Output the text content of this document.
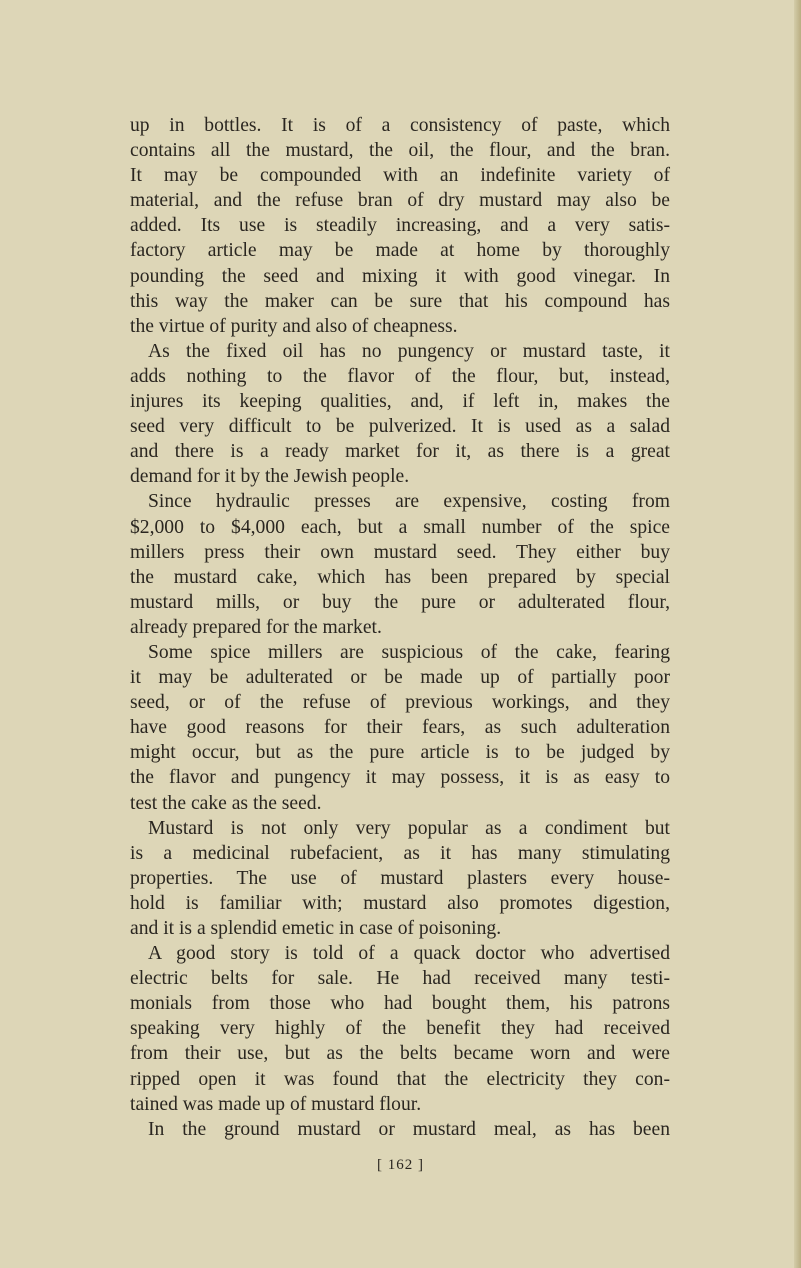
up in bottles. It is of a consistency of paste, which
contains all the mustard, the oil, the flour, and the bran.
It may be compounded with an indefinite variety of
material, and the refuse bran of dry mustard may also be
added. Its use is steadily increasing, and a very satis-
factory article may be made at home by thoroughly
pounding the seed and mixing it with good vinegar. In
this way the maker can be sure that his compound has
the virtue of purity and also of cheapness.
As the fixed oil has no pungency or mustard taste, it
adds nothing to the flavor of the flour, but, instead,
injures its keeping qualities, and, if left in, makes the
seed very difficult to be pulverized. It is used as a salad
and there is a ready market for it, as there is a great
demand for it by the Jewish people.
Since hydraulic presses are expensive, costing from
$2,000 to $4,000 each, but a small number of the spice
millers press their own mustard seed. They either buy
the mustard cake, which has been prepared by special
mustard mills, or buy the pure or adulterated flour,
already prepared for the market.
Some spice millers are suspicious of the cake, fearing
it may be adulterated or be made up of partially poor
seed, or of the refuse of previous workings, and they
have good reasons for their fears, as such adulteration
might occur, but as the pure article is to be judged by
the flavor and pungency it may possess, it is as easy to
test the cake as the seed.
Mustard is not only very popular as a condiment but
is a medicinal rubefacient, as it has many stimulating
properties. The use of mustard plasters every house-
hold is familiar with; mustard also promotes digestion,
and it is a splendid emetic in case of poisoning.
A good story is told of a quack doctor who advertised
electric belts for sale. He had received many testi-
monials from those who had bought them, his patrons
speaking very highly of the benefit they had received
from their use, but as the belts became worn and were
ripped open it was found that the electricity they con-
tained was made up of mustard flour.
In the ground mustard or mustard meal, as has been
[ 162 ]
